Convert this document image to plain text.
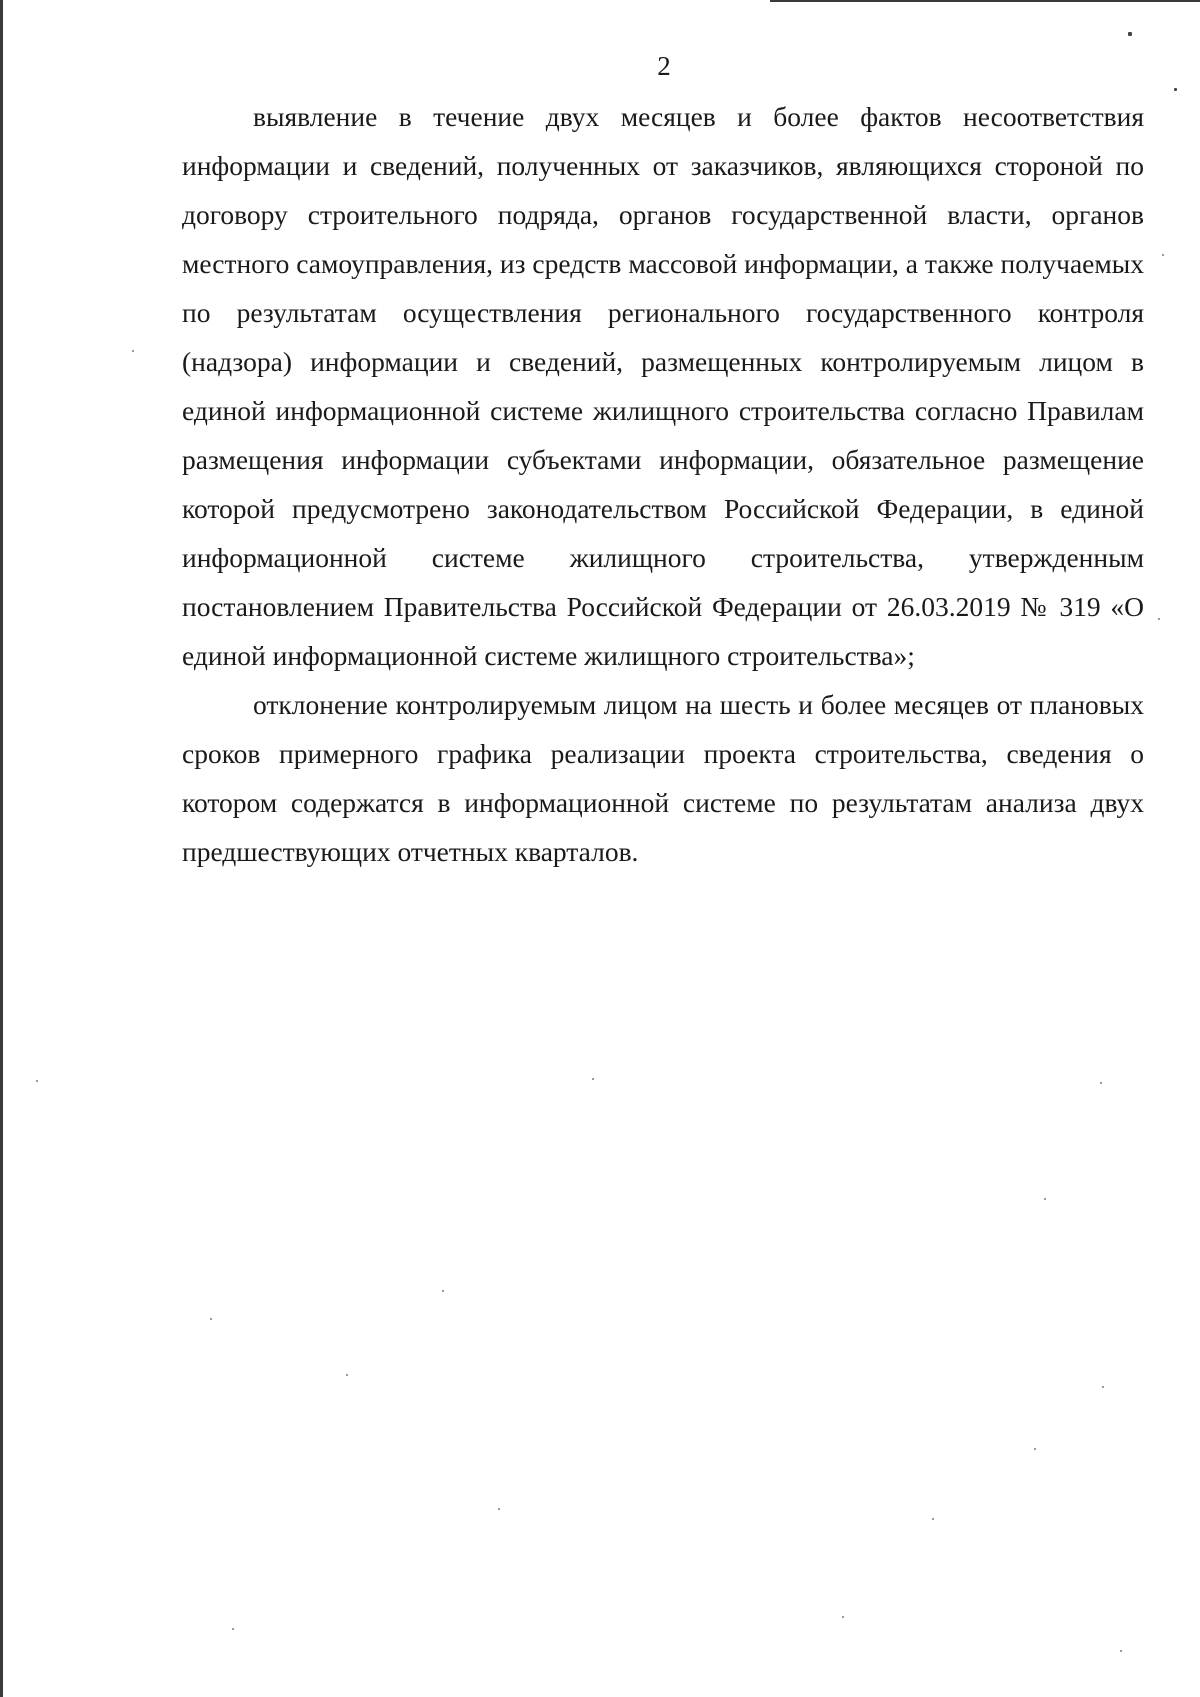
2

выявление в течение двух месяцев и более фактов несоответствия информации и сведений, полученных от заказчиков, являющихся стороной по договору строительного подряда, органов государственной власти, органов местного самоуправления, из средств массовой информации, а также получаемых по результатам осуществления регионального государственного контроля (надзора) информации и сведений, размещенных контролируемым лицом в единой информационной системе жилищного строительства согласно Правилам размещения информации субъектами информации, обязательное размещение которой предусмотрено законодательством Российской Федерации, в единой информационной системе жилищного строительства, утвержденным постановлением Правительства Российской Федерации от 26.03.2019 № 319 «О единой информационной системе жилищного строительства»;

отклонение контролируемым лицом на шесть и более месяцев от плановых сроков примерного графика реализации проекта строительства, сведения о котором содержатся в информационной системе по результатам анализа двух предшествующих отчетных кварталов.
